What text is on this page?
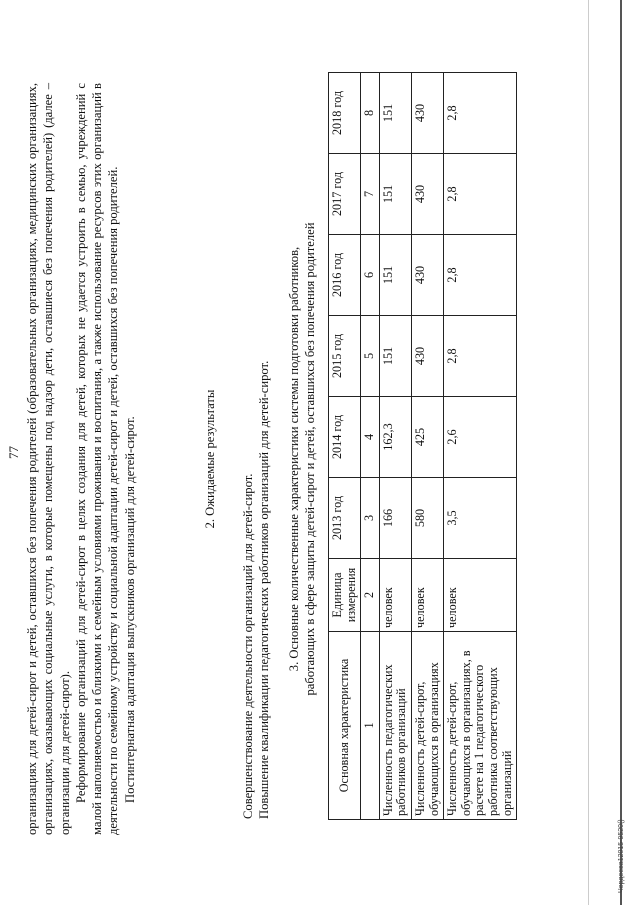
77 организациях для детей-сирот и детей, оставшихся без попечения родителей (образовательных организациях, медицинских организациях, организациях, оказывающих социальные услуги, в которые помещены под надзор дети, оставшиеся без попечения родителей) (далее – организации для детей-сирот). Реформирование организаций для детей-сирот в целях создания для детей, которых не удается устроить в семью, учреждений с малой наполняемостью и близкими к семейным условиями проживания и воспитания, а также использование ресурсов этих организаций в деятельности по семейному устройству и социальной адаптации детей-сирот и детей, оставшихся без попечения родителей. Постинтернатная адаптация выпускников организаций для детей-сирот.	2. Ожидаемые результаты

Совершенствование деятельности организаций для детей-сирот. Повышение квалификации педагогических работников организаций для детей-сирот. 3. Основные количественные характеристики системы подготовки работников, работающих в сфере защиты детей-сирот и детей, оставшихся без попечения родителей
Основная характеристика	Единица измерения	2013 год	2014 год	2015 год	2016 год	2017 год	2018 год
1	2	3	4	5	6	7	8
Численность педагогических работников организаций	человек	166	162,3	151	151	151	151
Численность детей-сирот, обучающихся в организациях	человек	580	425	430	430	430	430
Численность детей-сирот, обучающихся в организациях, в расчете на 1 педагогического работника соответствующих организаций	человек	3,5	2,6	2,8	2,8	2,8	2,8
Чердеева12015-9520()
